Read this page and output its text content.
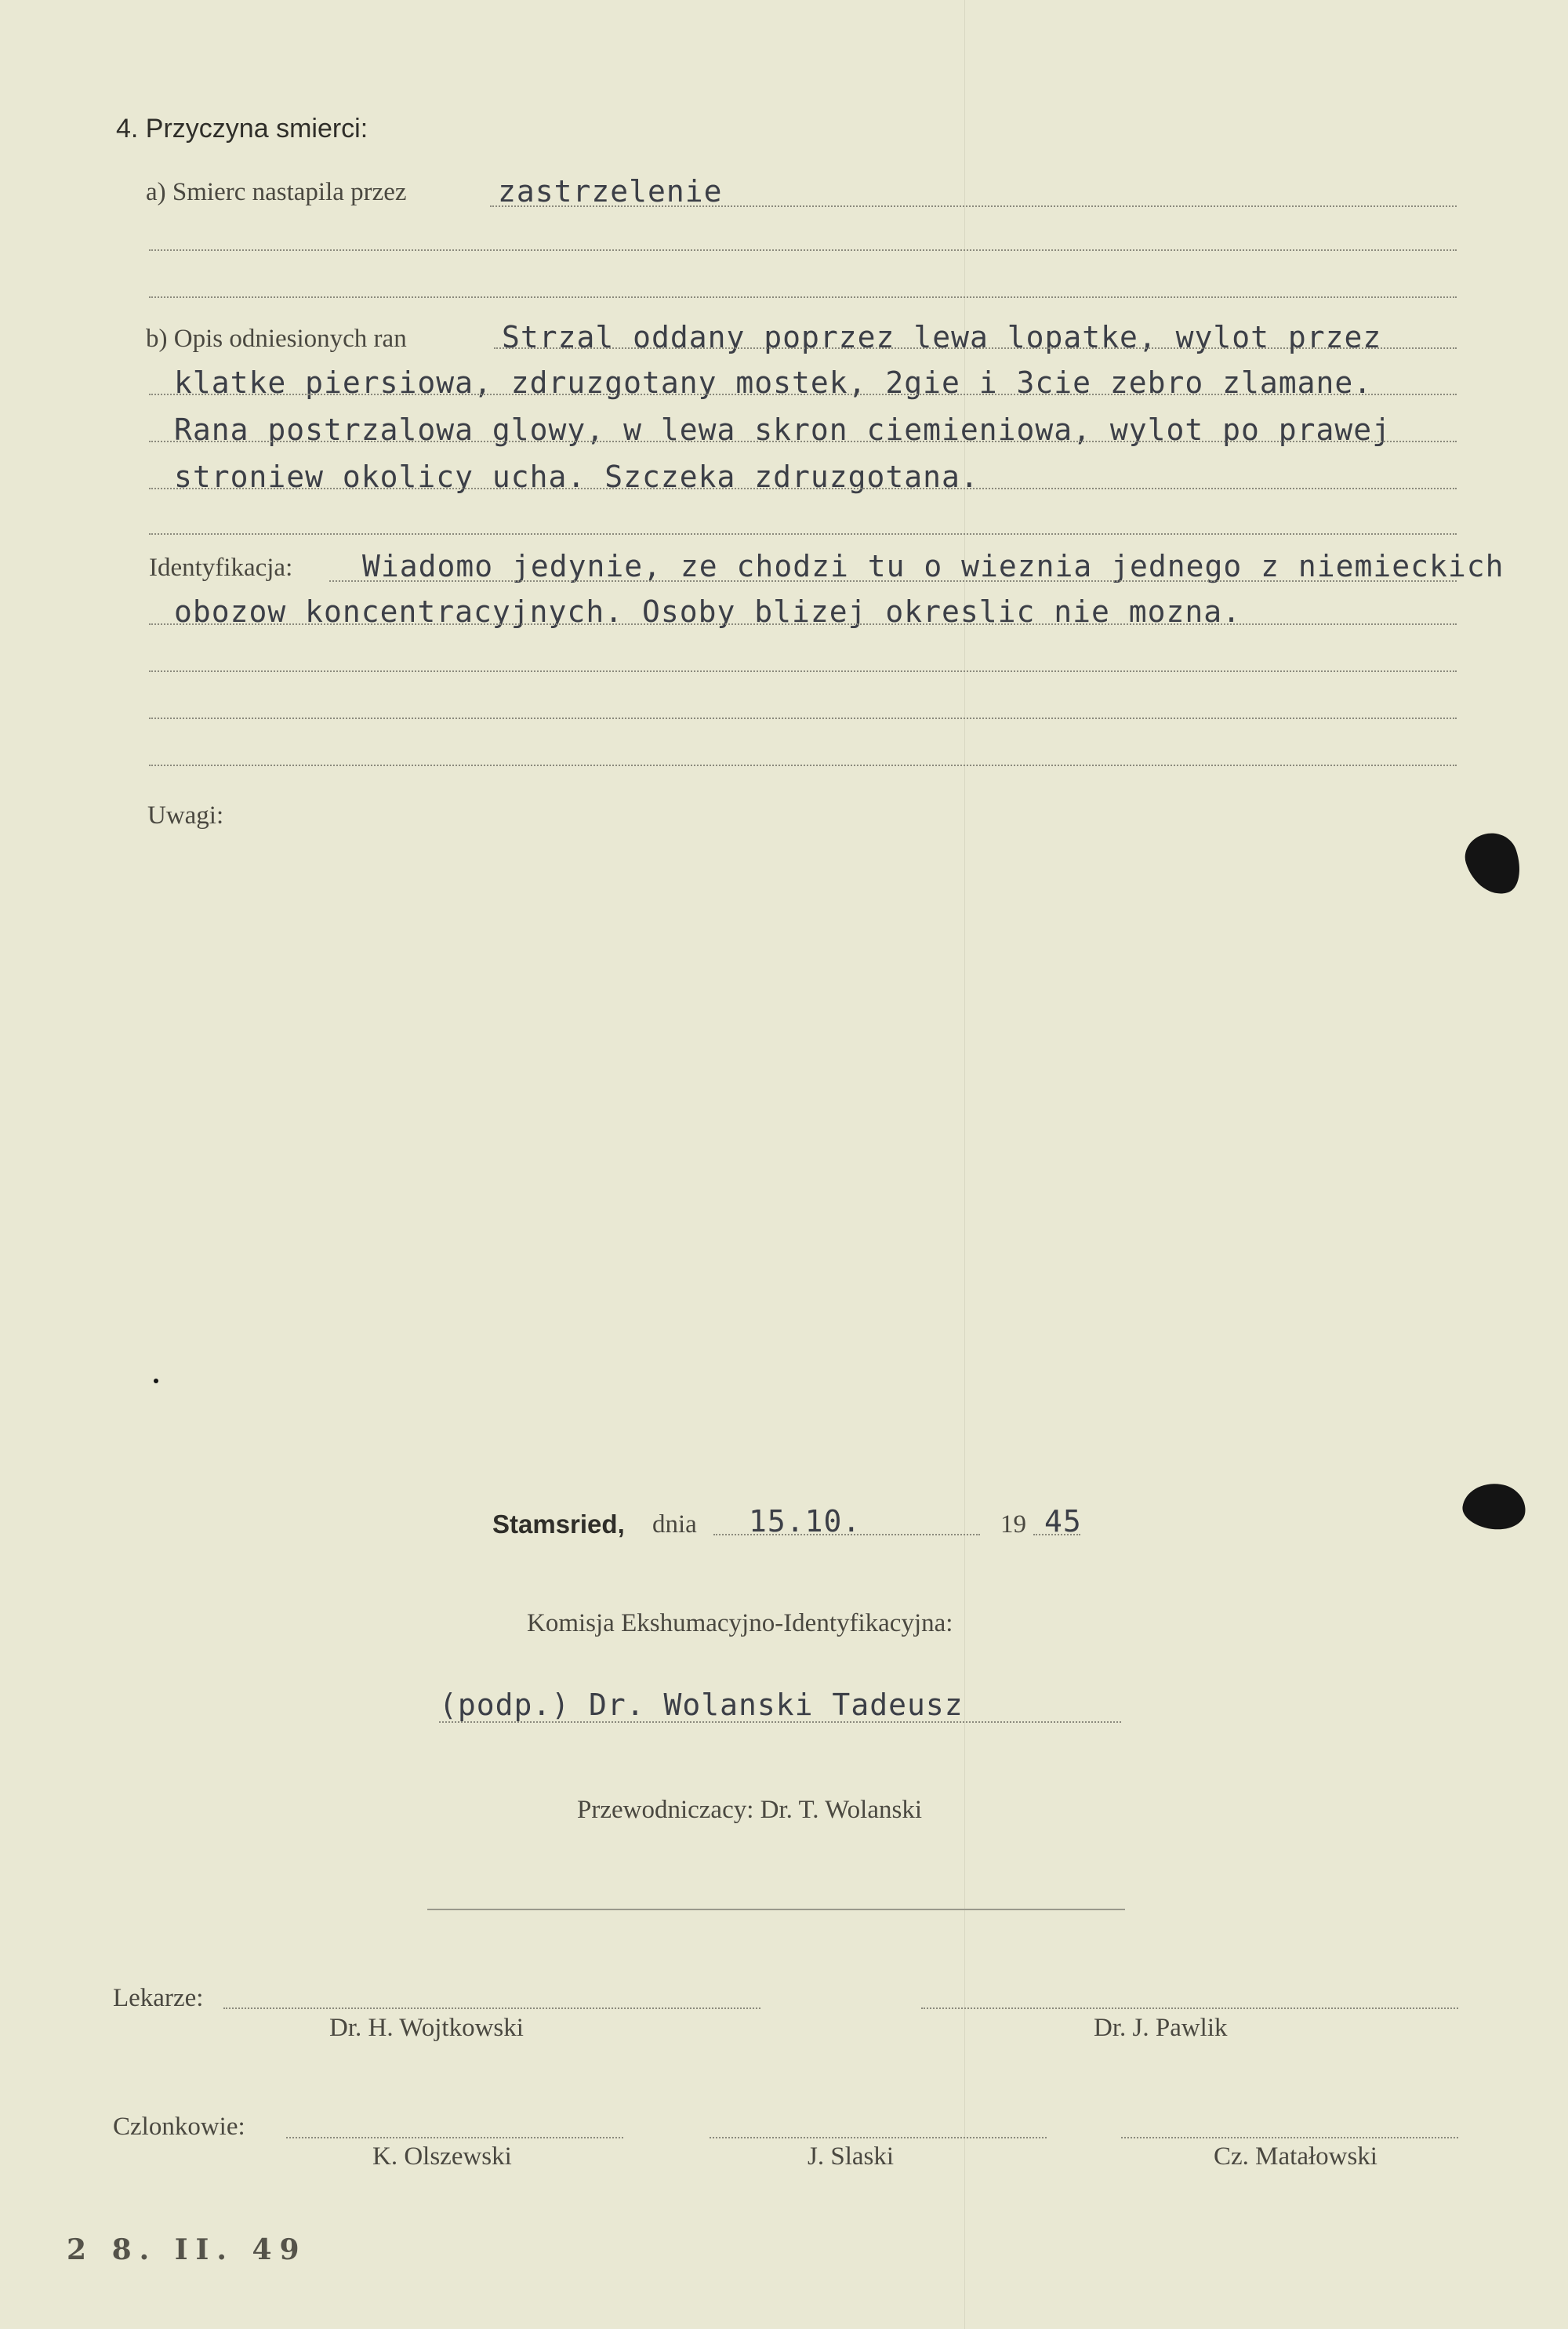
4. Przyczyna smierci:
a) Smierc nastapila przez	zastrzelenie
b) Opis odniesionych ran	Strzal oddany poprzez lewa lopatke, wylot przez
klatke piersiowa, zdruzgotany mostek, 2gie i 3cie zebro zlamane.
Rana postrzalowa glowy, w lewa skron ciemieniowa, wylot po prawej
stroniew okolicy ucha. Szczeka zdruzgotana.
Identyfikacja: Wiadomo jedynie, ze chodzi tu o wieznia jednego z niemieckich
obozow koncentracyjnych. Osoby blizej okreslic nie mozna.
Uwagi:
Stamsried, dnia 15.10.	19 45
Komisja Ekshumacyjno-Identyfikacyjna:
(podp.) Dr. Wolanski Tadeusz
Przewodniczacy: Dr. T. Wolanski
Lekarze:
Dr. H. Wojtkowski	Dr. J. Pawlik
Czlonkowie:
K. Olszewski	J. Slaski	Cz. Matałowski
2 8. II. 49
